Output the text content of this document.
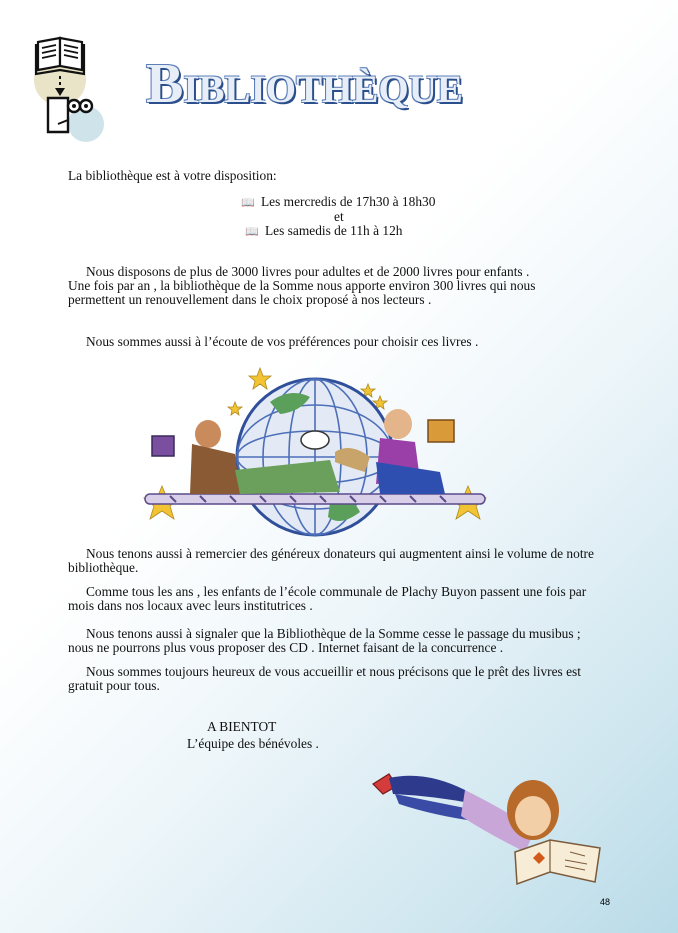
Bibliothèque
La bibliothèque est à votre disposition:
📖 Les mercredis de 17h30 à 18h30
et
📖 Les samedis de 11h à 12h
Nous disposons de plus de 3000 livres pour adultes et de 2000 livres pour enfants .
Une fois par an , la bibliothèque de la Somme nous apporte environ 300 livres qui nous
permettent un renouvellement dans le choix proposé à nos lecteurs .
Nous sommes aussi à l’écoute de vos préférences pour choisir ces livres .
Nous tenons aussi à remercier des généreux donateurs qui augmentent ainsi le volume de notre
bibliothèque.
Comme tous les ans , les enfants de l’école communale de Plachy Buyon passent une fois par
mois dans nos locaux avec leurs institutrices .
Nous tenons aussi à signaler que la Bibliothèque de la Somme cesse le passage du musibus ;
nous ne pourrons plus vous proposer des CD . Internet faisant de la concurrence .
Nous sommes toujours heureux de vous accueillir et nous précisons que le prêt des livres est
gratuit pour tous.
A BIENTOT
L’équipe des bénévoles .
48
